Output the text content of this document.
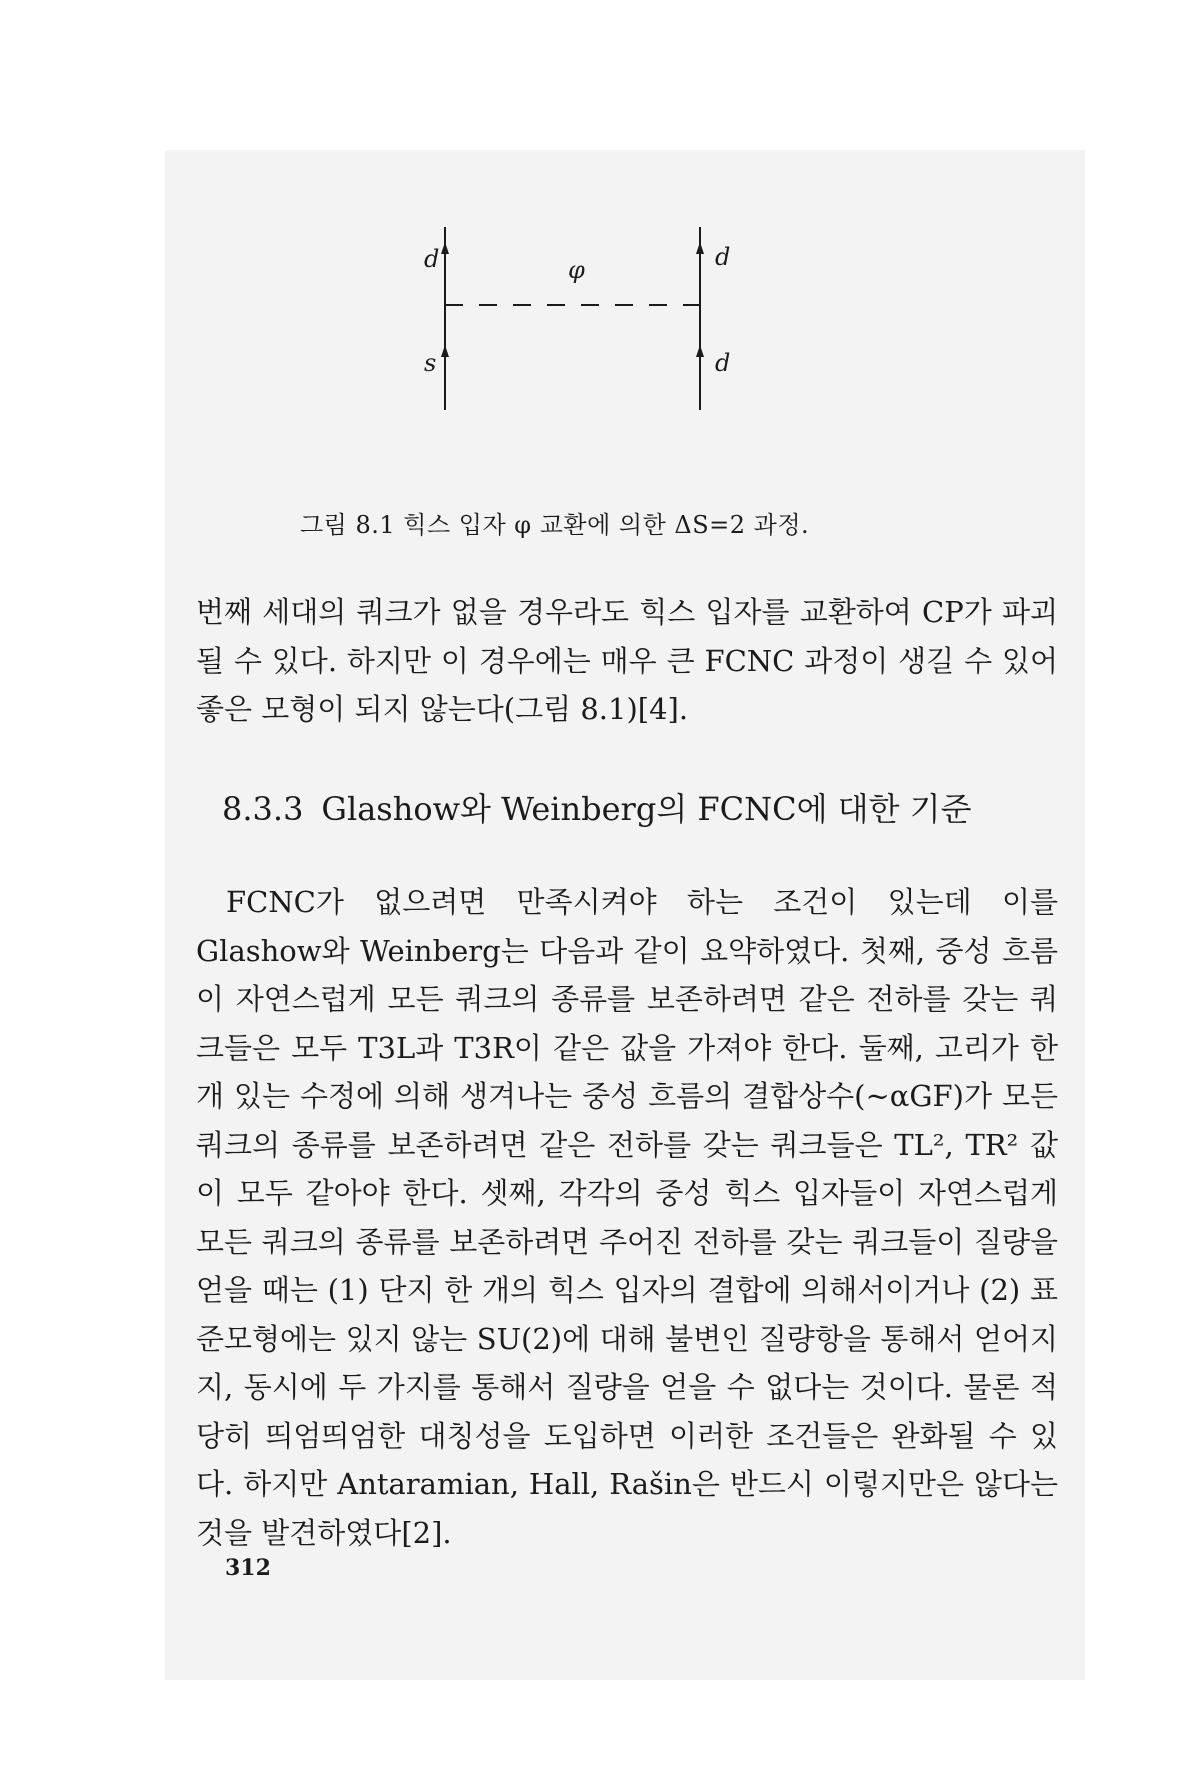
d
s
d
d
φ
그림 8.1 힉스 입자 φ 교환에 의한 ΔS=2 과정.

번째 세대의 쿼크가 없을 경우라도 힉스 입자를 교환하여 CP가 파괴될 수 있다. 하지만 이 경우에는 매우 큰 FCNC 과정이 생길 수 있어 좋은 모형이 되지 않는다(그림 8.1)[4].

8.3.3 Glashow와 Weinberg의 FCNC에 대한 기준

FCNC가 없으려면 만족시켜야 하는 조건이 있는데 이를 Glashow와 Weinberg는 다음과 같이 요약하였다. 첫째, 중성 흐름이 자연스럽게 모든 쿼크의 종류를 보존하려면 같은 전하를 갖는 쿼크들은 모두 T3L과 T3R이 같은 값을 가져야 한다. 둘째, 고리가 한 개 있는 수정에 의해 생겨나는 중성 흐름의 결합상수(~αGF)가 모든 쿼크의 종류를 보존하려면 같은 전하를 갖는 쿼크들은 TL², TR² 값이 모두 같아야 한다. 셋째, 각각의 중성 힉스 입자들이 자연스럽게 모든 쿼크의 종류를 보존하려면 주어진 전하를 갖는 쿼크들이 질량을 얻을 때는 (1) 단지 한 개의 힉스 입자의 결합에 의해서이거나 (2) 표준모형에는 있지 않는 SU(2)에 대해 불변인 질량항을 통해서 얻어지지, 동시에 두 가지를 통해서 질량을 얻을 수 없다는 것이다. 물론 적당히 띄엄띄엄한 대칭성을 도입하면 이러한 조건들은 완화될 수 있다. 하지만 Antaramian, Hall, Rašin은 반드시 이렇지만은 않다는 것을 발견하였다[2].

312
